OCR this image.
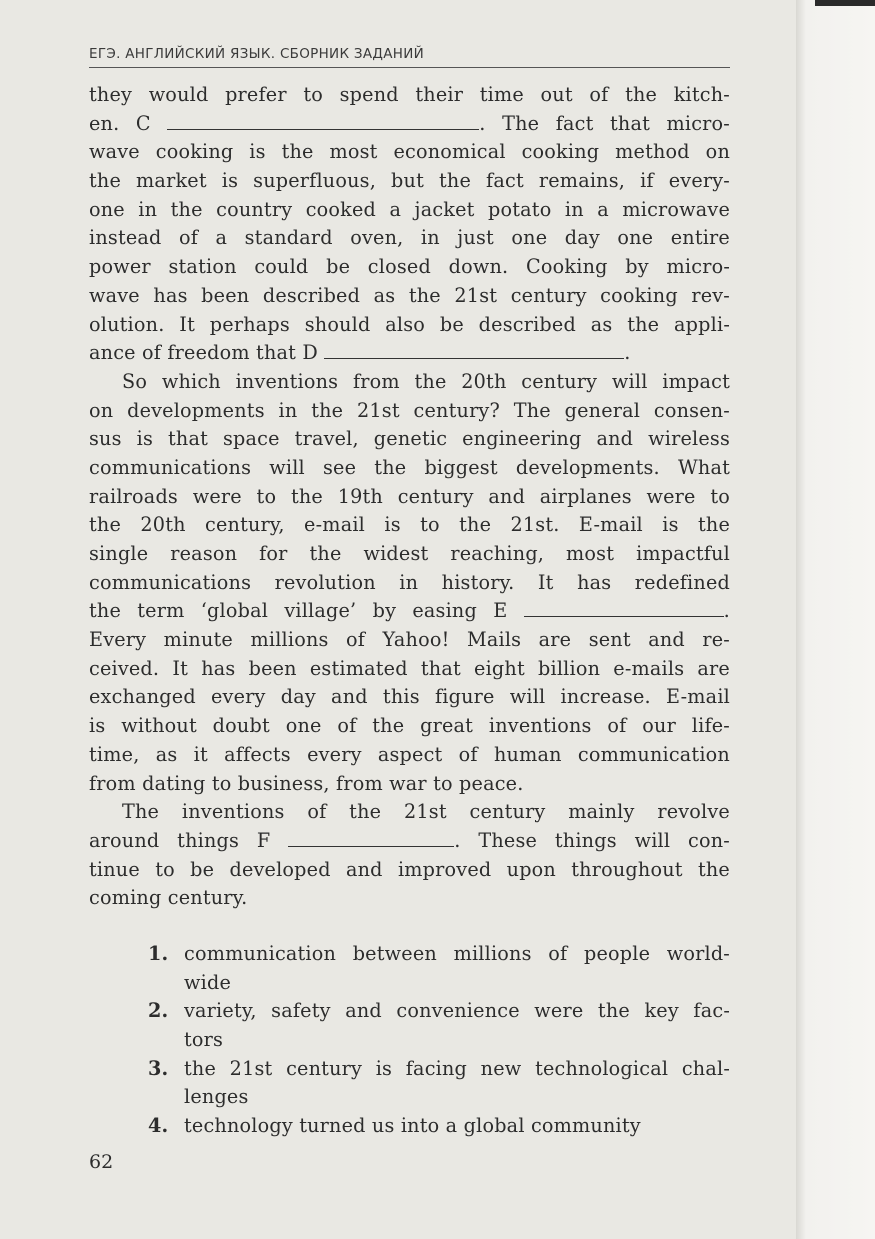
ЕГЭ. АНГЛИЙСКИЙ ЯЗЫК. СБОРНИК ЗАДАНИЙ
they would prefer to spend their time out of the kitch-
en. C	. The fact that micro-
wave cooking is the most economical cooking method on
the market is superfluous, but the fact remains, if every-
one in the country cooked a jacket potato in a microwave
instead of a standard oven, in just one day one entire
power station could be closed down. Cooking by micro-
wave has been described as the 21st century cooking rev-
olution. It perhaps should also be described as the appli-
ance of freedom that D	.
So which inventions from the 20th century will impact
on developments in the 21st century? The general consen-
sus is that space travel, genetic engineering and wireless
communications will see the biggest developments. What
railroads were to the 19th century and airplanes were to
the 20th century, e-mail is to the 21st. E-mail is the
single reason for the widest reaching, most impactful
communications revolution in history. It has redefined
the term ‘global village’ by easing E	.
Every minute millions of Yahoo! Mails are sent and re-
ceived. It has been estimated that eight billion e-mails are
exchanged every day and this figure will increase. E-mail
is without doubt one of the great inventions of our life-
time, as it affects every aspect of human communication
from dating to business, from war to peace.
The inventions of the 21st century mainly revolve
around things F	. These things will con-
tinue to be developed and improved upon throughout the
coming century.
1. communication between millions of people world-
wide
2. variety, safety and convenience were the key fac-
tors
3. the 21st century is facing new technological chal-
lenges
4. technology turned us into a global community
62
